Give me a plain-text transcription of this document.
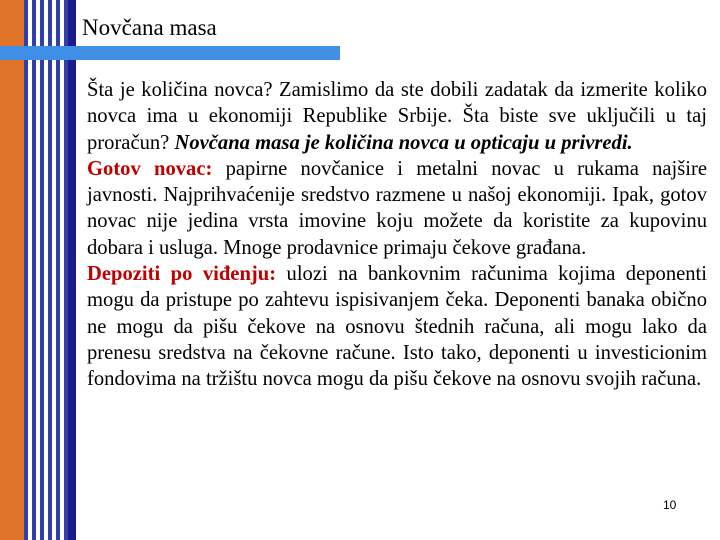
Novčana masa

Šta je količina novca? Zamislimo da ste dobili zadatak da izmerite koliko novca ima u ekonomiji Republike Srbije. Šta biste sve uključili u taj proračun? Novčana masa je količina novca u opticaju u privredi.

Gotov novac: papirne novčanice i metalni novac u rukama najšire javnosti. Najprihvaćenije sredstvo razmene u našoj ekonomiji. Ipak, gotov novac nije jedina vrsta imovine koju možete da koristite za kupovinu dobara i usluga. Mnoge prodavnice primaju čekove građana.

Depoziti po viđenju: ulozi na bankovnim računima kojima deponenti mogu da pristupe po zahtevu ispisivanjem čeka. Deponenti banaka obično ne mogu da pišu čekove na osnovu štednih računa, ali mogu lako da prenesu sredstva na čekovne račune. Isto tako, deponenti u investicionim fondovima na tržištu novca mogu da pišu čekove na osnovu svojih računa.

10
